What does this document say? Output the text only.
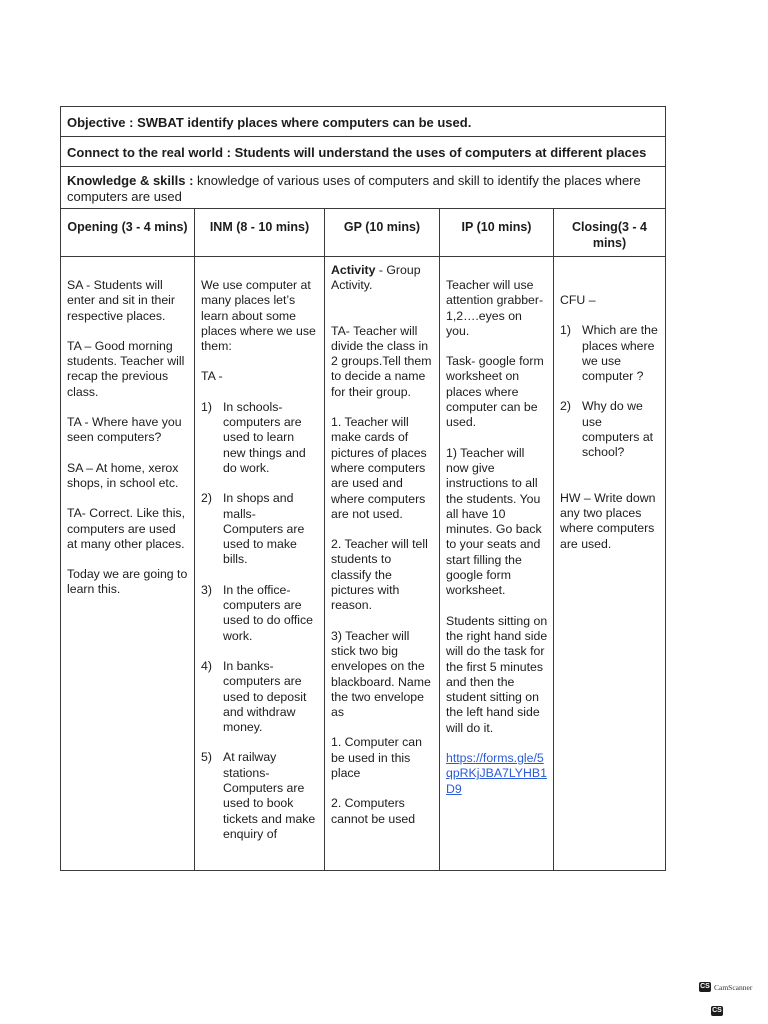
Objective : SWBAT identify places where computers can be used.
Connect to the real world : Students will understand the uses of computers at different places
Knowledge & skills : knowledge of various uses of computers and skill to identify the places where computers are used
Opening (3 - 4 mins)
SA - Students will enter and sit in their respective places.
TA – Good morning students. Teacher will recap the previous class.
TA - Where have you seen computers?
SA – At home, xerox shops, in school etc.
TA- Correct. Like this, computers are used at many other places.
Today we are going to learn this.
INM (8 - 10 mins)
We use computer at many places let’s learn about some places where we use them:
TA -
1) In schools- computers are used to learn new things and do work.
2) In shops and malls- Computers are used to make bills.
3) In the office- computers are used to do office work.
4) In banks- computers are used to deposit and withdraw money.
5) At railway stations- Computers are used to book tickets and make enquiry of
GP (10 mins)
Activity - Group Activity.
TA- Teacher will divide the class in 2 groups.Tell them to decide a name for their group.
1. Teacher will make cards of pictures of places where computers are used and where computers are not used.
2. Teacher will tell students to classify the pictures with reason.
3) Teacher will stick two big envelopes on the blackboard. Name the two envelope as
1. Computer can be used in this place
2. Computers cannot be used
IP (10 mins)
Teacher will use attention grabber- 1,2….eyes on you.
Task- google form worksheet on places where computer can be used.
1) Teacher will now give instructions to all the students. You all have 10 minutes. Go back to your seats and start filling the google form worksheet.
Students sitting on the right hand side will do the task for the first 5 minutes and then the student sitting on the left hand side will do it.
https://forms.gle/5qpRKjJBA7LYHB1D9
Closing(3 - 4 mins)
CFU –
1) Which are the places where we use computer ?
2) Why do we use computers at school?
HW – Write down any two places where computers are used.
CS CamScanner
CS
